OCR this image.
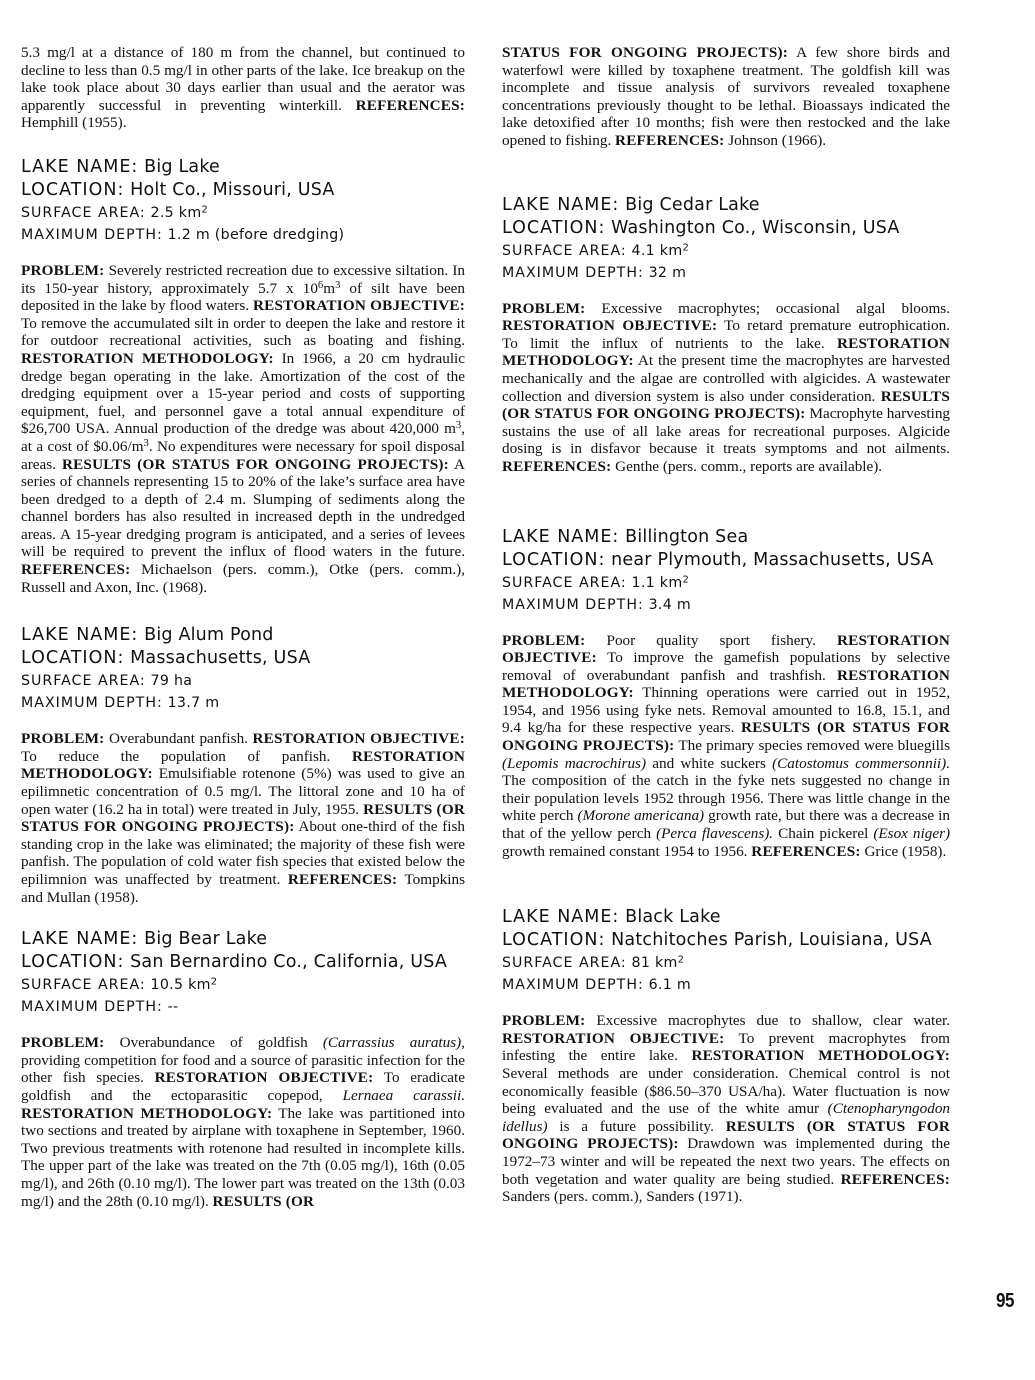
5.3 mg/l at a distance of 180 m from the channel, but continued to decline to less than 0.5 mg/l in other parts of the lake. Ice breakup on the lake took place about 30 days earlier than usual and the aerator was apparently successful in preventing winterkill. REFERENCES: Hemphill (1955).

LAKE NAME: Big Lake
LOCATION: Holt Co., Missouri, USA
SURFACE AREA: 2.5 $km^2$
MAXIMUM DEPTH: 1.2 m (before dredging)

PROBLEM: Severely restricted recreation due to excessive siltation. In its 150-year history, approximately 5.7 x $10^6m^3$ of silt have been deposited in the lake by flood waters. RESTORATION OBJECTIVE: To remove the accumulated silt in order to deepen the lake and restore it for outdoor recreational activities, such as boating and fishing. RESTORATION METHODOLOGY: In 1966, a 20 cm hydraulic dredge began operating in the lake. Amortization of the cost of the dredging equipment over a 15-year period and costs of supporting equipment, fuel, and personnel gave a total annual expenditure of $26,700 USA. Annual production of the dredge was about 420,000 $m^3$, at a cost of $\$0.06/m^3$. No expenditures were necessary for spoil disposal areas. RESULTS (OR STATUS FOR ONGOING PROJECTS): A series of channels representing 15 to 20% of the lake’s surface area have been dredged to a depth of 2.4 m. Slumping of sediments along the channel borders has also resulted in increased depth in the undredged areas. A 15-year dredging program is anticipated, and a series of levees will be required to prevent the influx of flood waters in the future. REFERENCES: Michaelson (pers. comm.), Otke (pers. comm.), Russell and Axon, Inc. (1968).

LAKE NAME: Big Alum Pond
LOCATION: Massachusetts, USA
SURFACE AREA: 79 ha
MAXIMUM DEPTH: 13.7 m

PROBLEM: Overabundant panfish. RESTORATION OBJECTIVE: To reduce the population of panfish. RESTORATION METHODOLOGY: Emulsifiable rotenone (5%) was used to give an epilimnetic concentration of 0.5 mg/l. The littoral zone and 10 ha of open water (16.2 ha in total) were treated in July, 1955. RESULTS (OR STATUS FOR ONGOING PROJECTS): About one-third of the fish standing crop in the lake was eliminated; the majority of these fish were panfish. The population of cold water fish species that existed below the epilimnion was unaffected by treatment. REFERENCES: Tompkins and Mullan (1958).

LAKE NAME: Big Bear Lake
LOCATION: San Bernardino Co., California, USA
SURFACE AREA: 10.5 $km^2$
MAXIMUM DEPTH: --

PROBLEM: Overabundance of goldfish (Carrassius auratus), providing competition for food and a source of parasitic infection for the other fish species. RESTORATION OBJECTIVE: To eradicate goldfish and the ectoparasitic copepod, Lernaea carassii. RESTORATION METHODOLOGY: The lake was partitioned into two sections and treated by airplane with toxaphene in September, 1960. Two previous treatments with rotenone had resulted in incomplete kills. The upper part of the lake was treated on the 7th (0.05 mg/l), 16th (0.05 mg/l), and 26th (0.10 mg/l). The lower part was treated on the 13th (0.03 mg/l) and the 28th (0.10 mg/l). RESULTS (OR

STATUS FOR ONGOING PROJECTS): A few shore birds and waterfowl were killed by toxaphene treatment. The goldfish kill was incomplete and tissue analysis of survivors revealed toxaphene concentrations previously thought to be lethal. Bioassays indicated the lake detoxified after 10 months; fish were then restocked and the lake opened to fishing. REFERENCES: Johnson (1966).

LAKE NAME: Big Cedar Lake
LOCATION: Washington Co., Wisconsin, USA
SURFACE AREA: 4.1 $km^2$
MAXIMUM DEPTH: 32 m

PROBLEM: Excessive macrophytes; occasional algal blooms. RESTORATION OBJECTIVE: To retard premature eutrophication. To limit the influx of nutrients to the lake. RESTORATION METHODOLOGY: At the present time the macrophytes are harvested mechanically and the algae are controlled with algicides. A wastewater collection and diversion system is also under consideration. RESULTS (OR STATUS FOR ONGOING PROJECTS): Macrophyte harvesting sustains the use of all lake areas for recreational purposes. Algicide dosing is in disfavor because it treats symptoms and not ailments. REFERENCES: Genthe (pers. comm., reports are available).

LAKE NAME: Billington Sea
LOCATION: near Plymouth, Massachusetts, USA
SURFACE AREA: 1.1 $km^2$
MAXIMUM DEPTH: 3.4 m

PROBLEM: Poor quality sport fishery. RESTORATION OBJECTIVE: To improve the gamefish populations by selective removal of overabundant panfish and trashfish. RESTORATION METHODOLOGY: Thinning operations were carried out in 1952, 1954, and 1956 using fyke nets. Removal amounted to 16.8, 15.1, and 9.4 kg/ha for these respective years. RESULTS (OR STATUS FOR ONGOING PROJECTS): The primary species removed were bluegills (Lepomis macrochirus) and white suckers (Catostomus commersonnii). The composition of the catch in the fyke nets suggested no change in their population levels 1952 through 1956. There was little change in the white perch (Morone americana) growth rate, but there was a decrease in that of the yellow perch (Perca flavescens). Chain pickerel (Esox niger) growth remained constant 1954 to 1956. REFERENCES: Grice (1958).

LAKE NAME: Black Lake
LOCATION: Natchitoches Parish, Louisiana, USA
SURFACE AREA: 81 $km^2$
MAXIMUM DEPTH: 6.1 m

PROBLEM: Excessive macrophytes due to shallow, clear water. RESTORATION OBJECTIVE: To prevent macrophytes from infesting the entire lake. RESTORATION METHODOLOGY: Several methods are under consideration. Chemical control is not economically feasible ($86.50–370 USA/ha). Water fluctuation is now being evaluated and the use of the white amur (Ctenopharyngodon idellus) is a future possibility. RESULTS (OR STATUS FOR ONGOING PROJECTS): Drawdown was implemented during the 1972–73 winter and will be repeated the next two years. The effects on both vegetation and water quality are being studied. REFERENCES: Sanders (pers. comm.), Sanders (1971).

95
